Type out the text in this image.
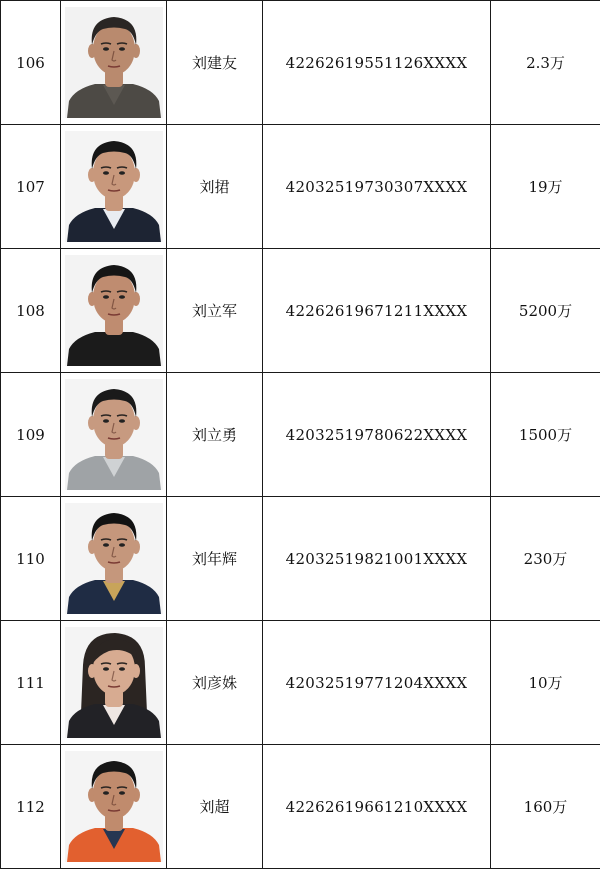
106		刘建友	42262619551126XXXX	2.3万
107		刘捃	42032519730307XXXX	19万
108		刘立军	42262619671211XXXX	5200万
109		刘立勇	42032519780622XXXX	1500万
110		刘年辉	42032519821001XXXX	230万
111		刘彦姝	42032519771204XXXX	10万
112		刘超	42262619661210XXXX	160万
